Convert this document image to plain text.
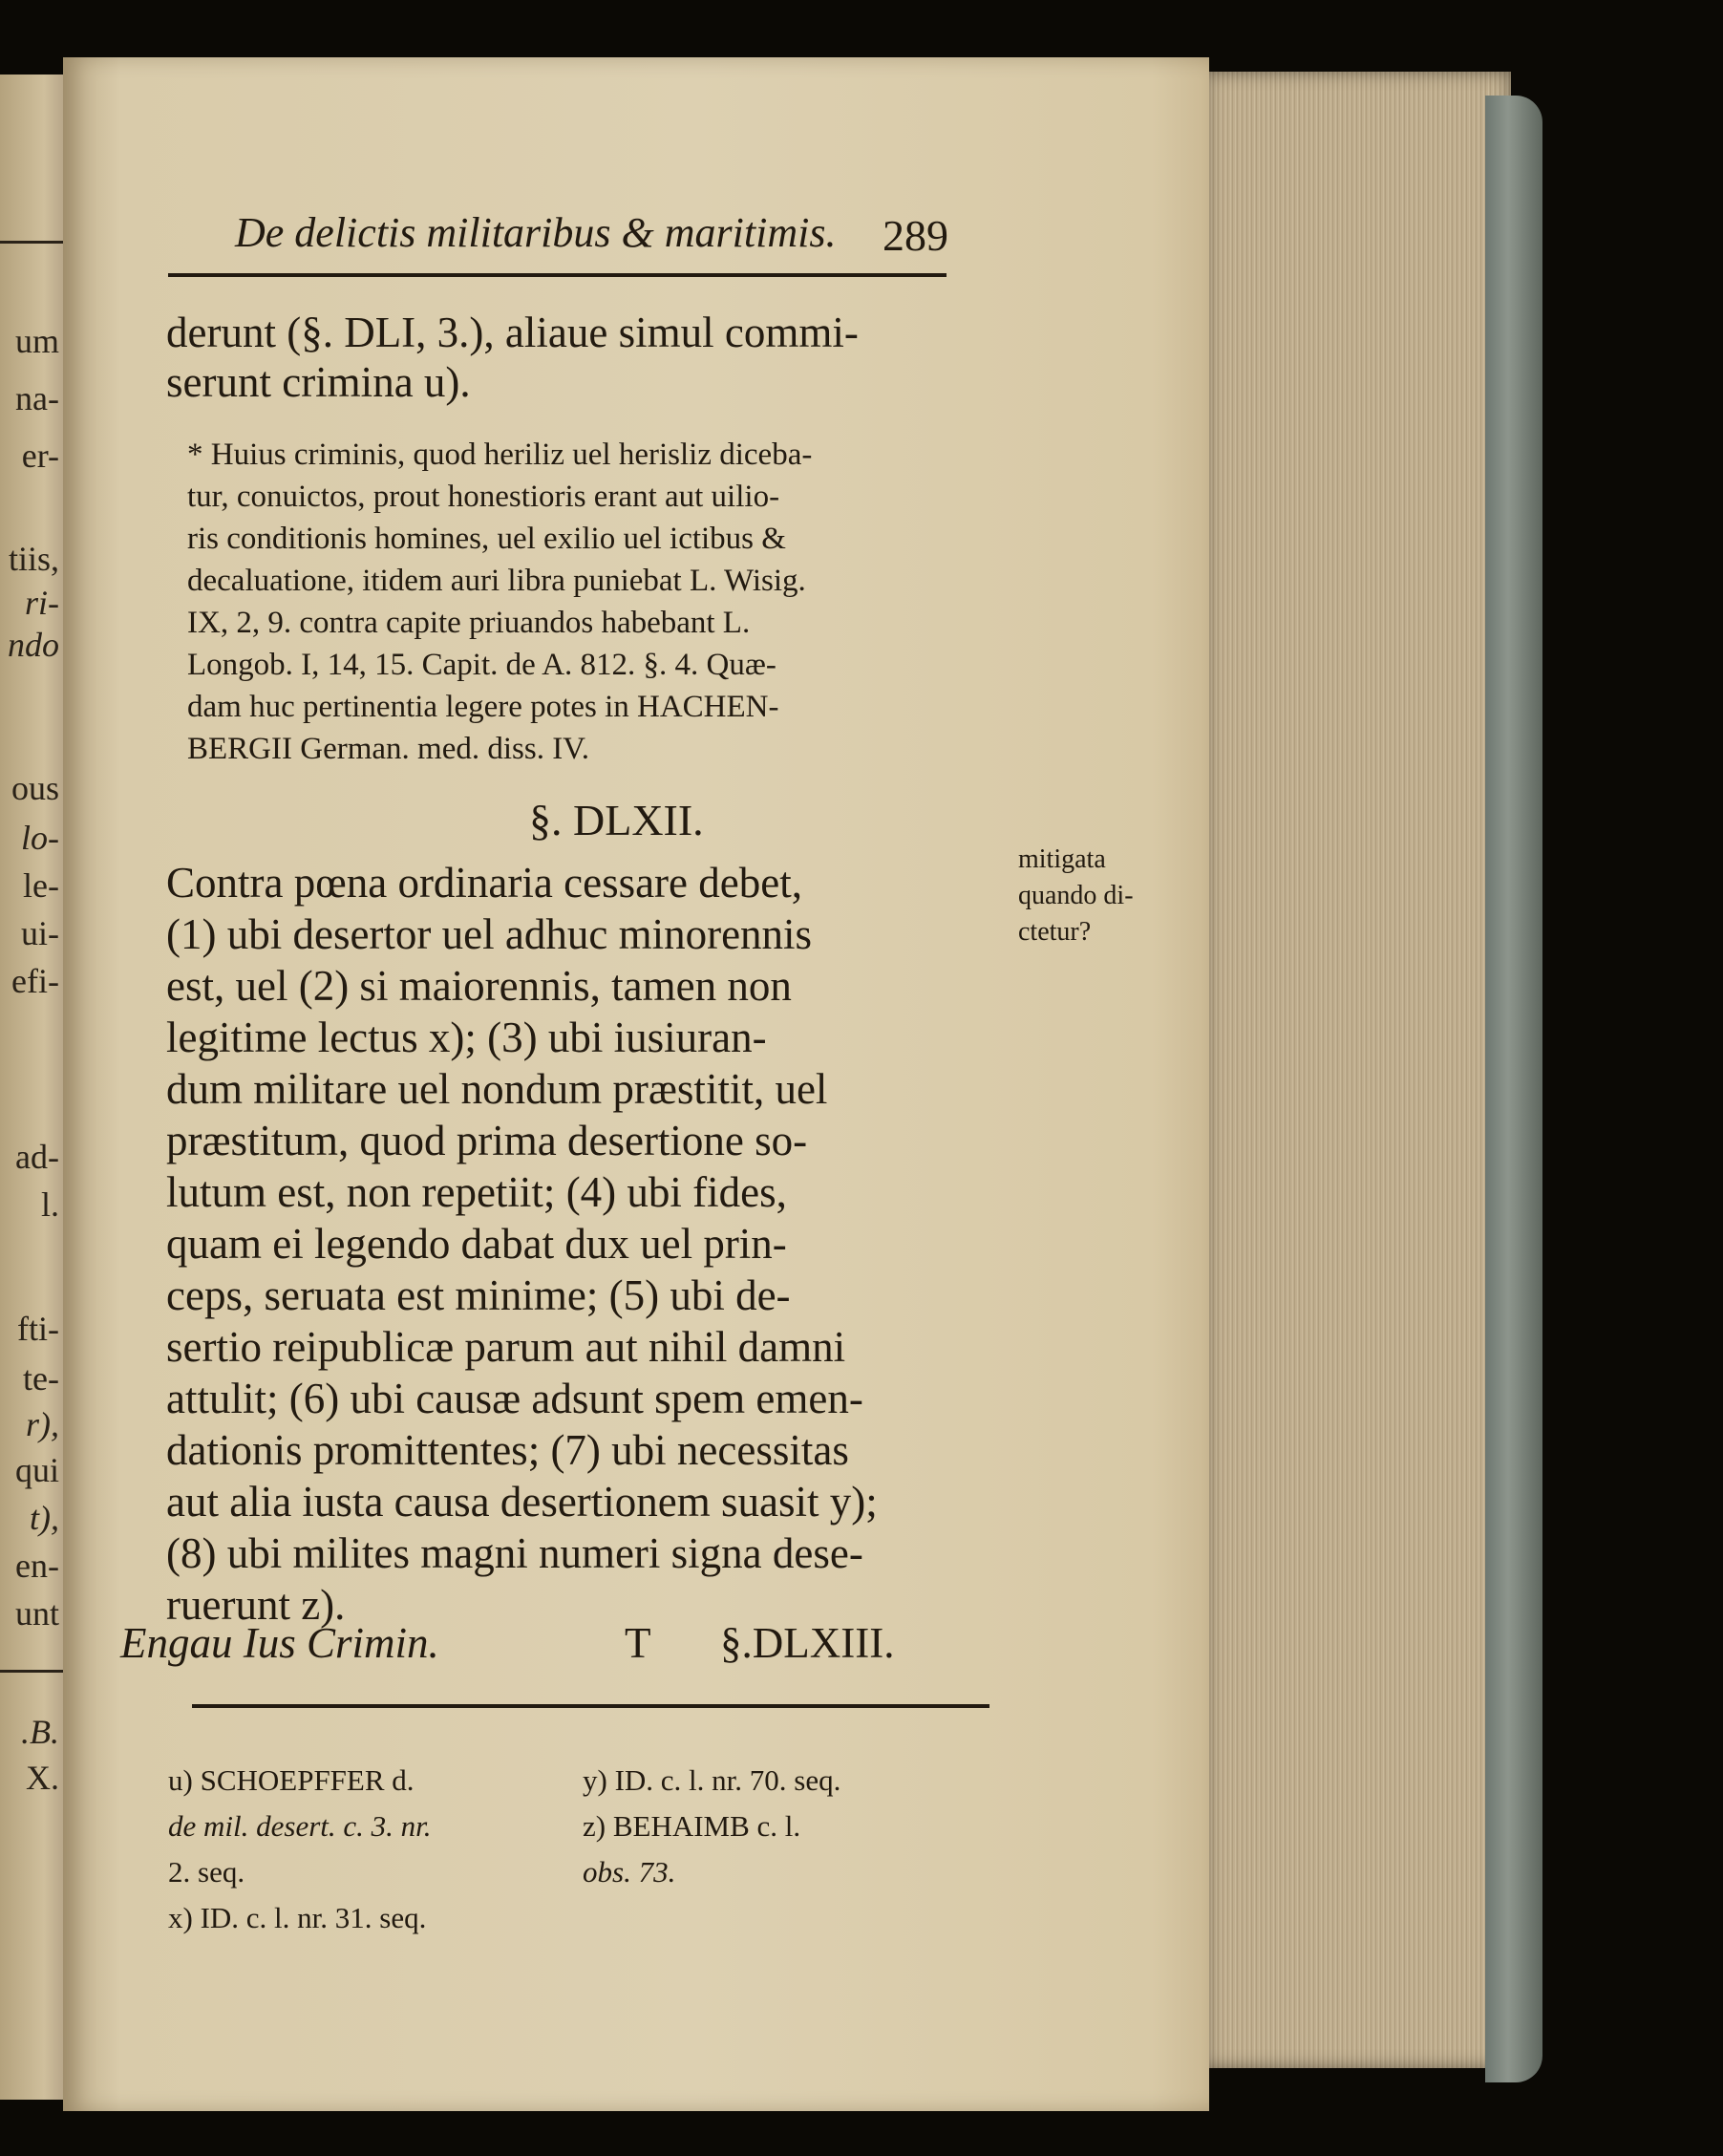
um
na-
er-
tiis,
ri-
ndo
ous
lo-
le-
ui-
efi-
ad-
l.
fti-
te-
r),
qui
t),
en-
unt
.B.
X.
De delictis militaribus & maritimis.	289
derunt (§. DLI, 3.), aliaue simul commi-
serunt crimina u).
* Huius criminis, quod heriliz uel herisliz diceba-
tur, conuictos, prout honestioris erant aut uilio-
ris conditionis homines, uel exilio uel ictibus &
decaluatione, itidem auri libra puniebat L. Wisig.
IX, 2, 9. contra capite priuandos habebant L.
Longob. I, 14, 15. Capit. de A. 812. §. 4. Quæ-
dam huc pertinentia legere potes in HACHEN-
BERGII German. med. diss. IV.
§. DLXII.
mitigata
quando di-
ctetur?
Contra pœna ordinaria cessare debet,
(1) ubi desertor uel adhuc minorennis
est, uel (2) si maiorennis, tamen non
legitime lectus x); (3) ubi iusiuran-
dum militare uel nondum præstitit, uel
præstitum, quod prima desertione so-
lutum est, non repetiit; (4) ubi fides,
quam ei legendo dabat dux uel prin-
ceps, seruata est minime; (5) ubi de-
sertio reipublicæ parum aut nihil damni
attulit; (6) ubi causæ adsunt spem emen-
dationis promittentes; (7) ubi necessitas
aut alia iusta causa desertionem suasit y);
(8) ubi milites magni numeri signa dese-
ruerunt z).
Engau Ius Crimin.	T §.DLXIII.
u) SCHOEPFFER d.
de mil. desert. c. 3. nr.
2. seq.
x) ID. c. l. nr. 31. seq.
y) ID. c. l. nr. 70. seq.
z) BEHAIMB c. l.
obs. 73.
